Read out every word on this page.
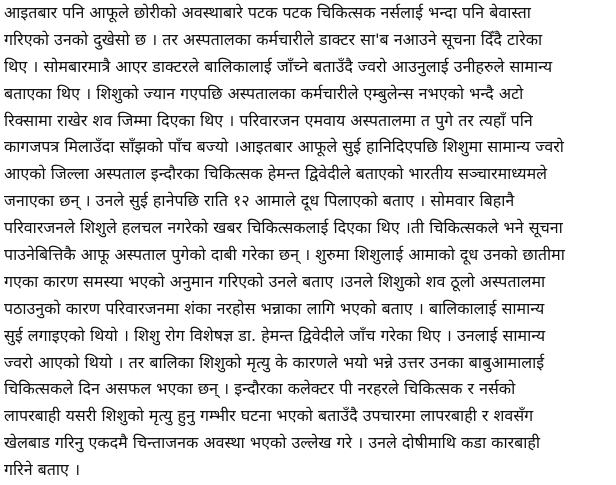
आइतबार पनि आफूले छोरीको अवस्थाबारे पटक पटक चिकित्सक नर्सलाई भन्दा पनि बेवास्ता
गरिएको उनको दुखेसो छ । तर अस्पतालका कर्मचारीले डाक्टर सा'ब नआउने सूचना दिँदै टारेका
थिए । सोमबारमात्रै आएर डाक्टरले बालिकालाई जाँच्ने बताउँदै ज्वरो आउनुलाई उनीहरुले सामान्य
बताएका थिए । शिशुको ज्यान गएपछि अस्पतालका कर्मचारीले एम्बुलेन्स नभएको भन्दै अटो
रिक्सामा राखेर शव जिम्मा दिएका थिए । परिवारजन एमवाय अस्पतालमा त पुगे तर त्यहाँ पनि
कागजपत्र मिलाउँदा साँझको पाँच बज्यो ।आइतबार आफूले सुई हानिदिएपछि शिशुमा सामान्य ज्वरो
आएको जिल्ला अस्पताल इन्दौरका चिकित्सक हेमन्त द्विवेदीले बताएको भारतीय सञ्चारमाध्यमले
जनाएका छन् । उनले सुई हानेपछि राति १२ आमाले दूध पिलाएको बताए । सोमवार बिहानै
परिवारजनले शिशुले हलचल नगरेको खबर चिकित्सकलाई दिएका थिए ।ती चिकित्सकले भने सूचना
पाउनेबित्तिकै आफू अस्पताल पुगेको दाबी गरेका छन् । शुरुमा शिशुलाई आमाको दूध उनको छातीमा
गएका कारण समस्या भएको अनुमान गरिएको उनले बताए ।उनले शिशुको शव ठूलो अस्पतालमा
पठाउनुको कारण परिवारजनमा शंका नरहोस भन्नाका लागि भएको बताए । बालिकालाई सामान्य
सुई लगाइएको थियो । शिशु रोग विशेषज्ञ डा. हेमन्त द्विवेदीले जाँच गरेका थिए । उनलाई सामान्य
ज्वरो आएको थियो । तर बालिका शिशुको मृत्यु के कारणले भयो भन्ने उत्तर उनका बाबुआमालाई
चिकित्सकले दिन असफल भएका छन् । इन्दौरका कलेक्टर पी नरहरले चिकित्सक र नर्सको
लापरबाही यसरी शिशुको मृत्यु हुनु गम्भीर घटना भएको बताउँदै उपचारमा लापरबाही र शवसँग
खेलबाड गरिनु एकदमै चिन्ताजनक अवस्था भएको उल्लेख गरे । उनले दोषीमाथि कडा कारबाही
गरिने बताए ।
